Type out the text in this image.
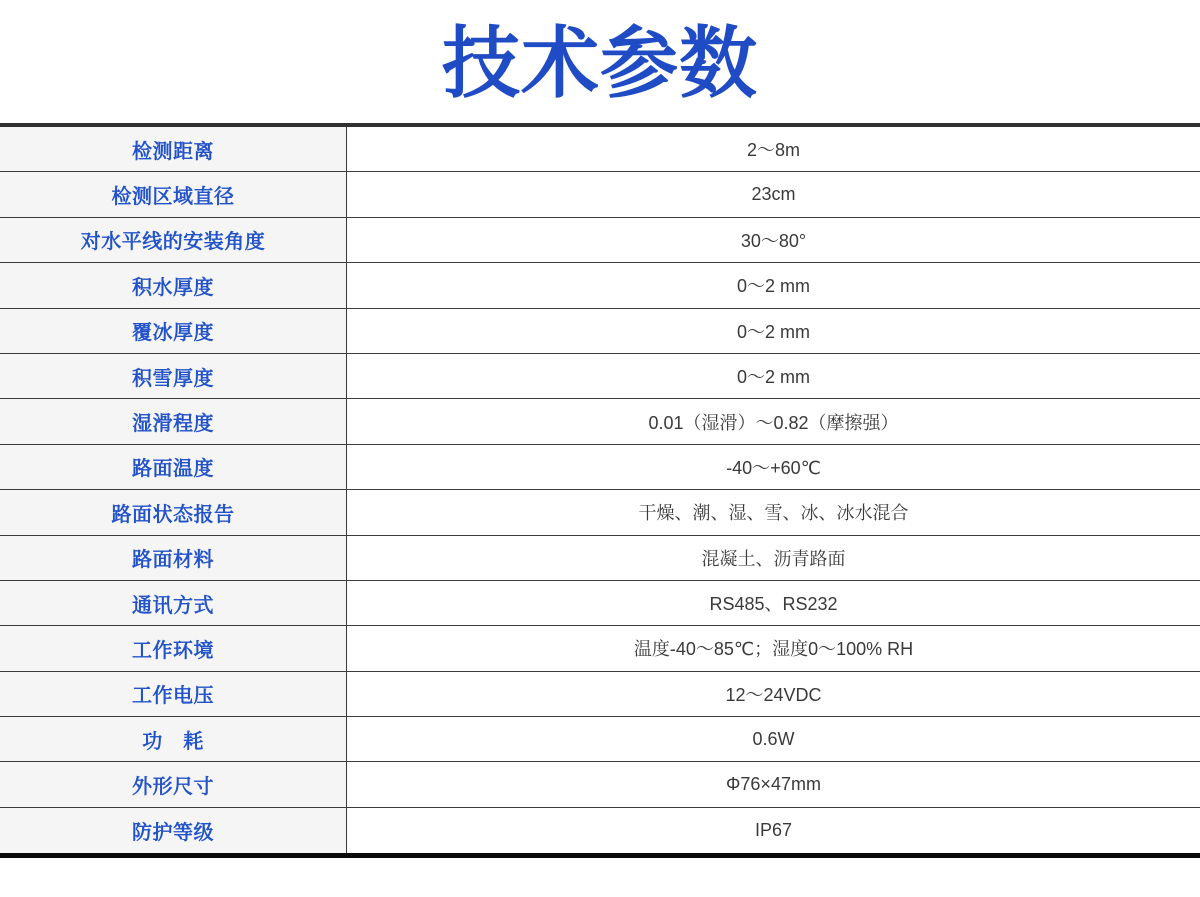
技术参数
检测距离	2～8m
检测区域直径	23cm
对水平线的安装角度	30～80°
积水厚度	0～2 mm
覆冰厚度	0～2 mm
积雪厚度	0～2 mm
湿滑程度	0.01（湿滑）～0.82（摩擦强）
路面温度	-40～+60℃
路面状态报告	干燥、潮、湿、雪、冰、冰水混合
路面材料	混凝土、沥青路面
通讯方式	RS485、RS232
工作环境	温度-40～85℃；湿度0～100% RH
工作电压	12～24VDC
功　耗	0.6W
外形尺寸	Φ76×47mm
防护等级	IP67
